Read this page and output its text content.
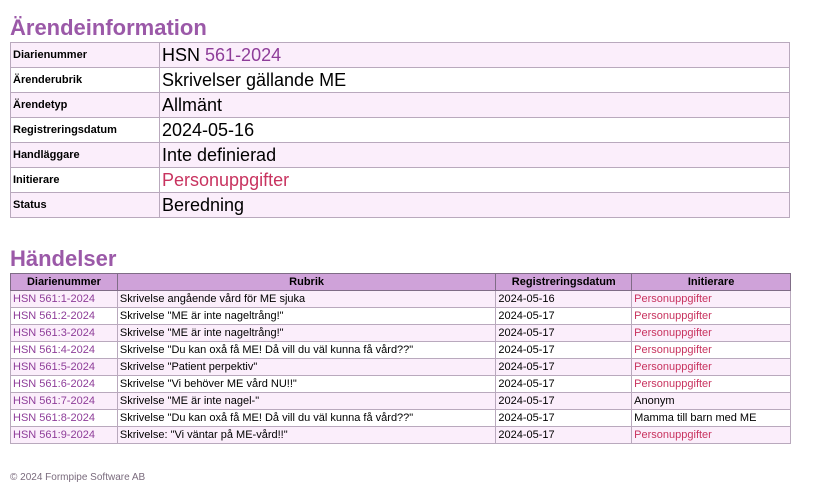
Ärendeinformation
Diarienummer	HSN 561-2024
Ärenderubrik	Skrivelser gällande ME
Ärendetyp	Allmänt
Registreringsdatum	2024-05-16
Handläggare	Inte definierad
Initierare	Personuppgifter
Status	Beredning
Händelser
Diarienummer	Rubrik	Registreringsdatum	Initierare
HSN 561:1-2024	Skrivelse angående vård för ME sjuka	2024-05-16	Personuppgifter
HSN 561:2-2024	Skrivelse "ME är inte nageltrång!"	2024-05-17	Personuppgifter
HSN 561:3-2024	Skrivelse "ME är inte nageltrång!"	2024-05-17	Personuppgifter
HSN 561:4-2024	Skrivelse "Du kan oxå få ME! Då vill du väl kunna få vård??"	2024-05-17	Personuppgifter
HSN 561:5-2024	Skrivelse "Patient perpektiv"	2024-05-17	Personuppgifter
HSN 561:6-2024	Skrivelse "Vi behöver ME vård NU!!"	2024-05-17	Personuppgifter
HSN 561:7-2024	Skrivelse "ME är inte nagel-"	2024-05-17	Anonym
HSN 561:8-2024	Skrivelse "Du kan oxå få ME! Då vill du väl kunna få vård??"	2024-05-17	Mamma till barn med ME
HSN 561:9-2024	Skrivelse: "Vi väntar på ME-vård!!"	2024-05-17	Personuppgifter
© 2024 Formpipe Software AB
